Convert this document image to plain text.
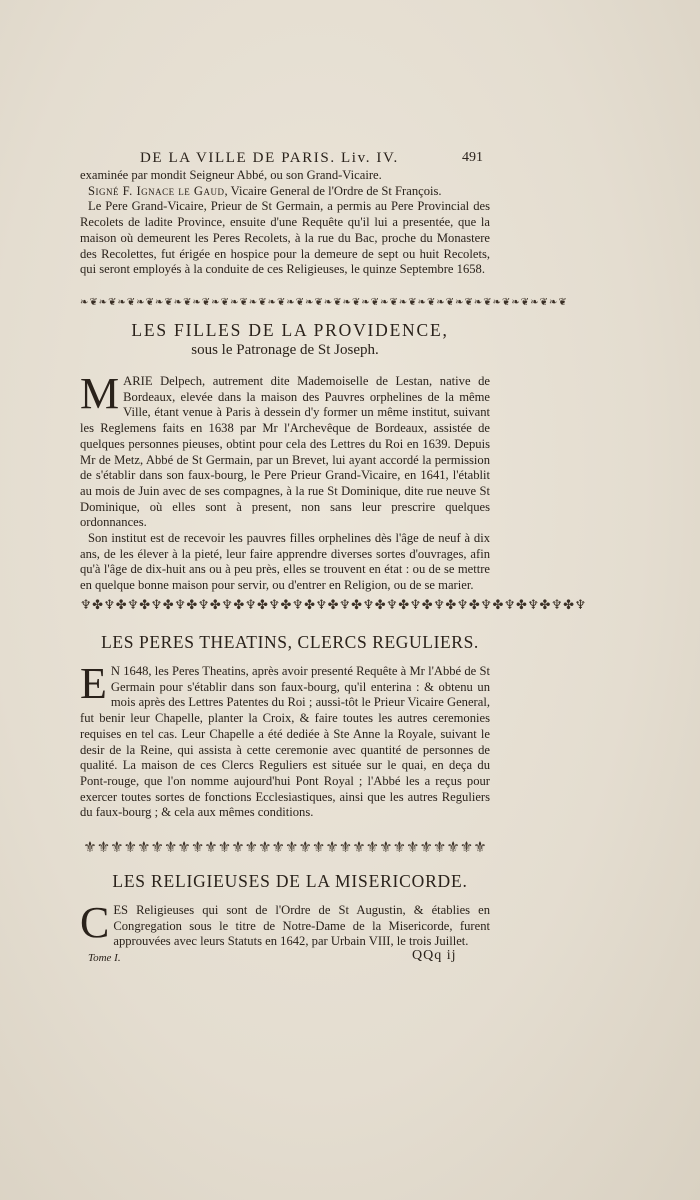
DE LA VILLE DE PARIS. Liv. IV.	491

examinée par mondit Seigneur Abbé, ou son Grand-Vicaire.

Signé F. Ignace le Gaud, Vicaire General de l'Ordre de St François.

Le Pere Grand-Vicaire, Prieur de St Germain, a permis au Pere Provincial des Recolets de ladite Province, ensuite d'une Requête qu'il lui a presentée, que la maison où demeurent les Peres Recolets, à la rue du Bac, proche du Monastere des Recolettes, fut érigée en hospice pour la demeure de sept ou huit Recolets, qui seront employés à la conduite de ces Religieuses, le quinze Septembre 1658.

❧❦❧❦❧❦❧❦❧❦❧❦❧❦❧❦❧❦❧❦❧❦❧❦❧❦❧❦❧❦❧❦❧❦❧❦❧❦❧❦❧❦❧❦❧❦❧❦❧❦❧❦
LES FILLES DE LA PROVIDENCE,
sous le Patronage de St Joseph.

MARIE Delpech, autrement dite Mademoiselle de Lestan, native de Bordeaux, elevée dans la maison des Pauvres orphelines de la même Ville, étant venue à Paris à dessein d'y former un même institut, suivant les Reglemens faits en 1638 par Mr l'Archevêque de Bordeaux, assistée de quelques personnes pieuses, obtint pour cela des Lettres du Roi en 1639. Depuis Mr de Metz, Abbé de St Germain, par un Brevet, lui ayant accordé la permission de s'établir dans son faux-bourg, le Pere Prieur Grand-Vicaire, en 1641, l'établit au mois de Juin avec de ses compagnes, à la rue St Dominique, dite rue neuve St Dominique, où elles sont à present, non sans leur prescrire quelques ordonnances.

Son institut est de recevoir les pauvres filles orphelines dès l'âge de neuf à dix ans, de les élever à la pieté, leur faire apprendre diverses sortes d'ouvrages, afin qu'à l'âge de dix-huit ans ou à peu près, elles se trouvent en état : ou de se mettre en quelque bonne maison pour servir, ou d'entrer en Religion, ou de se marier.

♆✤♆✤♆✤♆✤♆✤♆✤♆✤♆✤♆✤♆✤♆✤♆✤♆✤♆✤♆✤♆✤♆✤♆✤♆✤♆✤♆✤♆
LES PERES THEATINS, CLERCS REGULIERS.

E N 1648, les Peres Theatins, après avoir presenté Requête à Mr l'Abbé de St Germain pour s'établir dans son faux-bourg, qu'il enterina : & obtenu un mois après des Lettres Patentes du Roi ; aussi-tôt le Prieur Vicaire General, fut benir leur Chapelle, planter la Croix, & faire toutes les autres ceremonies requises en tel cas. Leur Chapelle a été dediée à Ste Anne la Royale, suivant le desir de la Reine, qui assista à cette ceremonie avec quantité de personnes de qualité. La maison de ces Clercs Reguliers est située sur le quai, en deça du Pont-rouge, que l'on nomme aujourd'hui Pont Royal ; l'Abbé les a reçus pour exercer toutes sortes de fonctions Ecclesiastiques, ainsi que les autres Reguliers du faux-bourg ; & cela aux mêmes conditions.

⚜⚜⚜⚜⚜⚜⚜⚜⚜⚜⚜⚜⚜⚜⚜⚜⚜⚜⚜⚜⚜⚜⚜⚜⚜⚜⚜⚜⚜⚜
LES RELIGIEUSES DE LA MISERICORDE.

CES Religieuses qui sont de l'Ordre de St Augustin, & établies en Congregation sous le titre de Notre-Dame de la Misericorde, furent approuvées avec leurs Statuts en 1642, par Urbain VIII, le trois Juillet.

Tome I.	QQq ij
